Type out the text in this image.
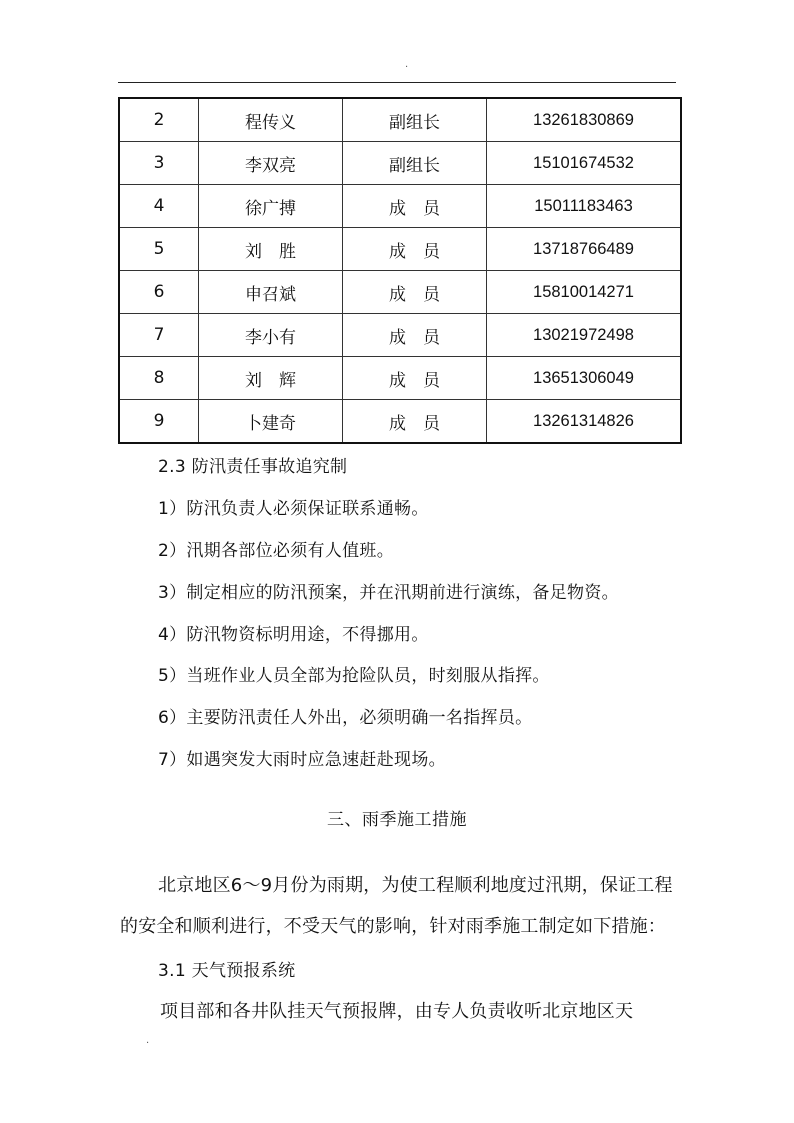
.
2	程传义	副组长	13261830869
3	李双亮	副组长	15101674532
4	徐广搏	成　员	15011183463
5	刘　胜	成　员	13718766489
6	申召斌	成　员	15810014271
7	李小有	成　员	13021972498
8	刘　辉	成　员	13651306049
9	卜建奇	成　员	13261314826
2.3 防汛责任事故追究制
1）防汛负责人必须保证联系通畅。
2）汛期各部位必须有人值班。
3）制定相应的防汛预案，并在汛期前进行演练，备足物资。
4）防汛物资标明用途，不得挪用。
5）当班作业人员全部为抢险队员，时刻服从指挥。
6）主要防汛责任人外出，必须明确一名指挥员。
7）如遇突发大雨时应急速赶赴现场。
三、雨季施工措施
北京地区6～9月份为雨期，为使工程顺利地度过汛期，保证工程
的安全和顺利进行，不受天气的影响，针对雨季施工制定如下措施：
3.1 天气预报系统
项目部和各井队挂天气预报牌，由专人负责收听北京地区天
.
